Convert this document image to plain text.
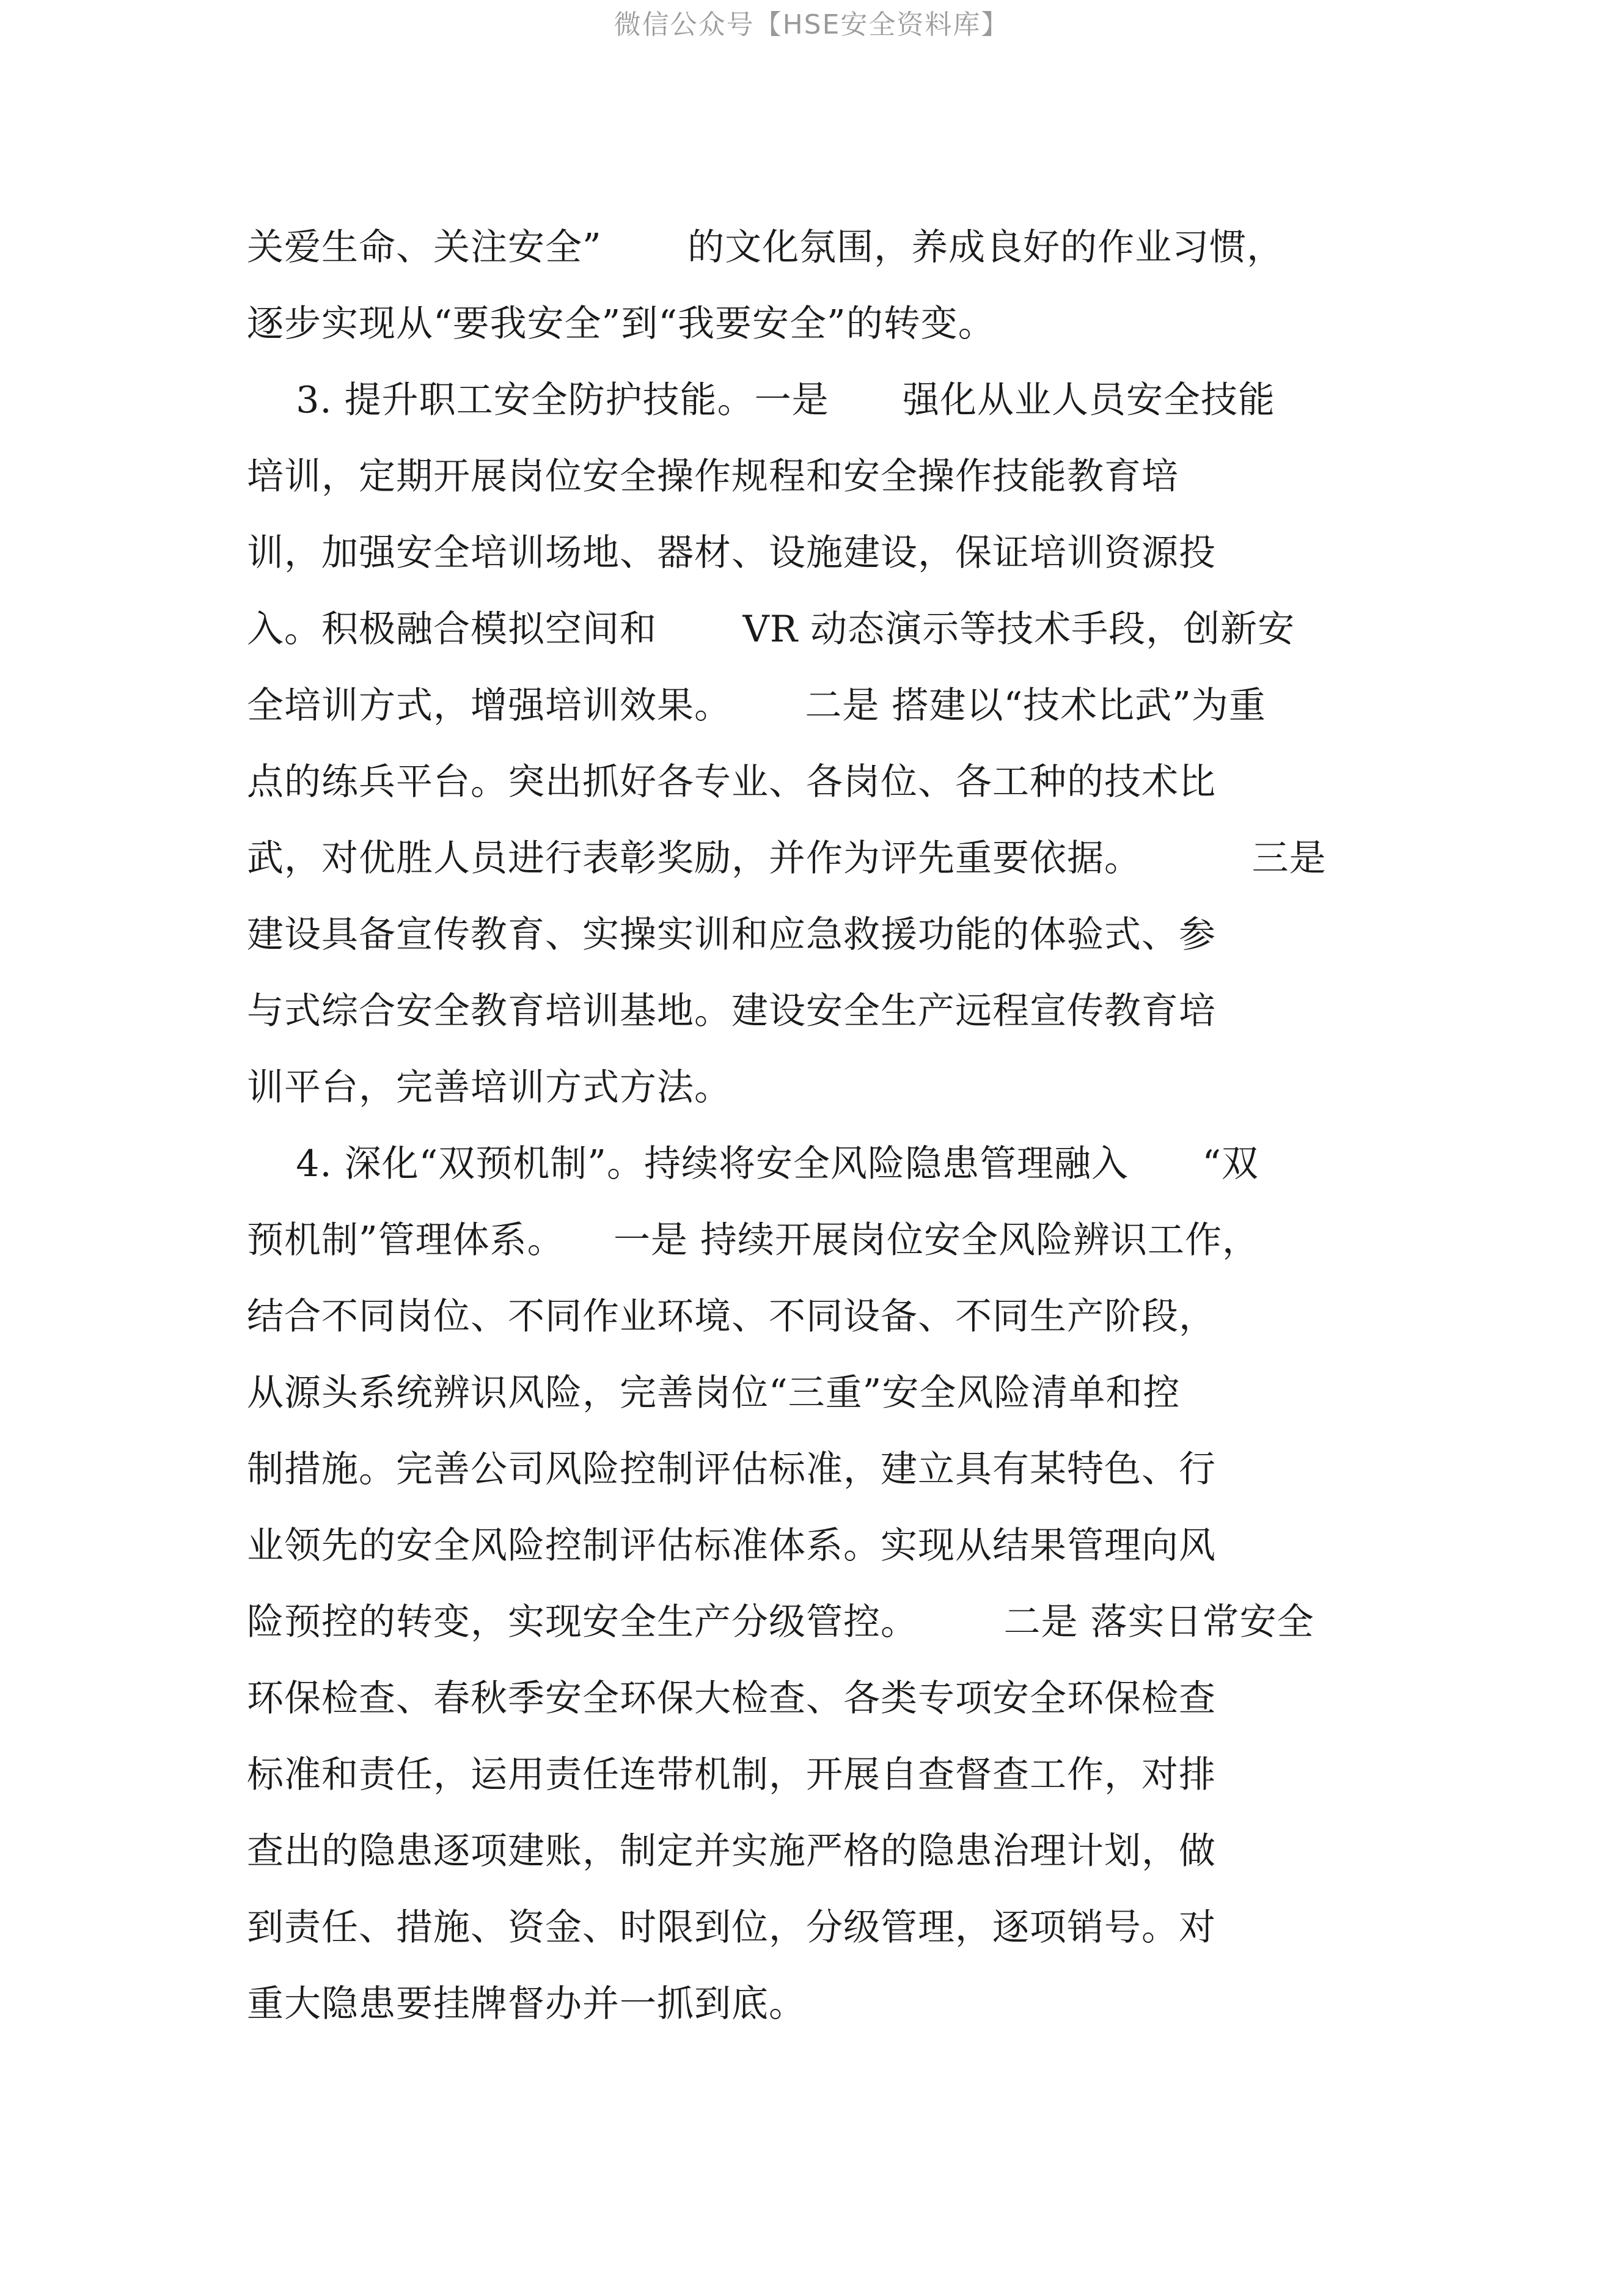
微信公众号【HSE安全资料库】
关爱生命、关注安全”       的文化氛围，养成良好的作业习惯，
逐步实现从“要我安全”到“我要安全”的转变。
3. 提升职工安全防护技能。一是      强化从业人员安全技能
培训，定期开展岗位安全操作规程和安全操作技能教育培
训，加强安全培训场地、器材、设施建设，保证培训资源投
入。积极融合模拟空间和       VR 动态演示等技术手段，创新安
全培训方式，增强培训效果。      二是 搭建以“技术比武”为重
点的练兵平台。突出抓好各专业、各岗位、各工种的技术比
武，对优胜人员进行表彰奖励，并作为评先重要依据。         三是
建设具备宣传教育、实操实训和应急救援功能的体验式、参
与式综合安全教育培训基地。建设安全生产远程宣传教育培
训平台，完善培训方式方法。
4. 深化“双预机制”。持续将安全风险隐患管理融入      “双
预机制”管理体系。    一是 持续开展岗位安全风险辨识工作，
结合不同岗位、不同作业环境、不同设备、不同生产阶段，
从源头系统辨识风险，完善岗位“三重”安全风险清单和控
制措施。完善公司风险控制评估标准，建立具有某特色、行
业领先的安全风险控制评估标准体系。实现从结果管理向风
险预控的转变，实现安全生产分级管控。       二是 落实日常安全
环保检查、春秋季安全环保大检查、各类专项安全环保检查
标准和责任，运用责任连带机制，开展自查督查工作，对排
查出的隐患逐项建账，制定并实施严格的隐患治理计划，做
到责任、措施、资金、时限到位，分级管理，逐项销号。对
重大隐患要挂牌督办并一抓到底。
